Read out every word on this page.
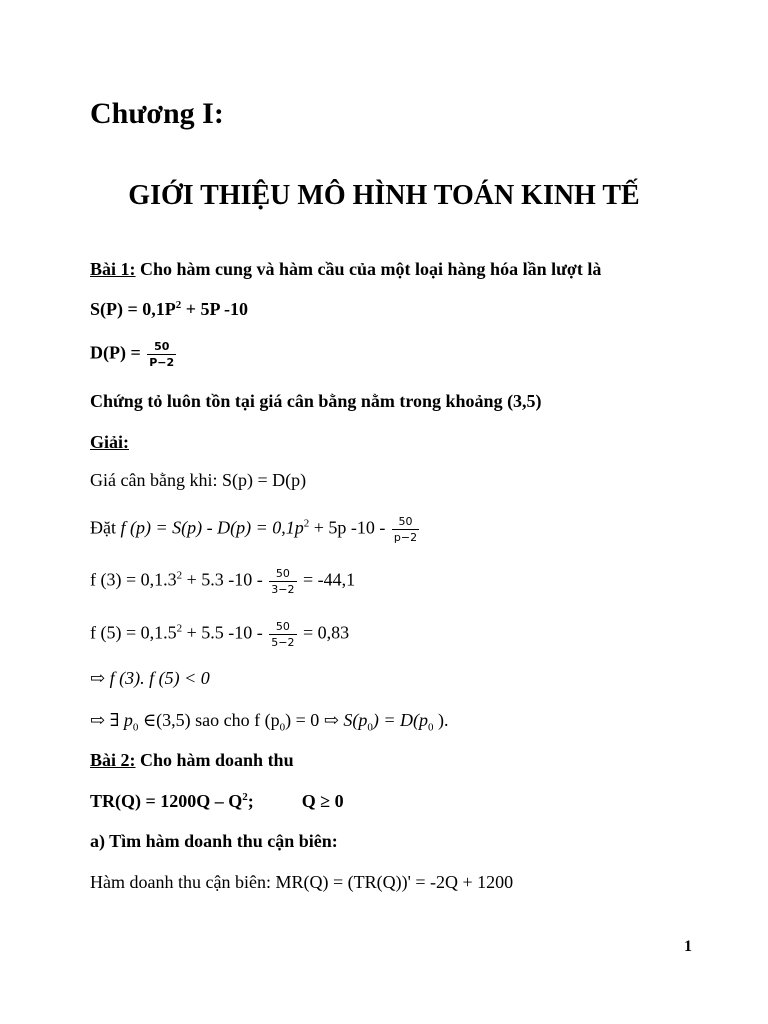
Chương I:
GIỚI THIỆU MÔ HÌNH TOÁN KINH TẾ
Bài 1: Cho hàm cung và hàm cầu của một loại hàng hóa lần lượt là
$S(P) = 0,1P^2 + 5P$ -10
$D(P) = \frac{50}{P-2}$
Chứng tỏ luôn tồn tại giá cân bằng nằm trong khoảng (3,5)
Giải:
Giá cân bằng khi: S(p) = D(p)
Đặt f $(p) = S(p) - D(p) = 0,1p^2 + 5p$ $-10 - \frac{50}{p-2}$
f $(3) = 0,1.3^2 + 5.3$ $-10 - \frac{50}{3-2} = -44,1$
f $(5) = 0,1.5^2 + 5.5$ $-10 - \frac{50}{5-2} = 0,83$
⇨ f (3). f (5) < 0
⇨ ∃ $p_0$ ∈(3,5) sao cho f $(p_0) = 0$ ⇨ $S(p_0) = D(p_0$ ).
Bài 2: Cho hàm doanh thu
$TR(Q) = 1200Q - Q^2$;	Q ≥ 0
a) Tìm hàm doanh thu cận biên:
Hàm doanh thu cận biên: MR(Q) = (TR(Q))' = -2Q + 1200
1
